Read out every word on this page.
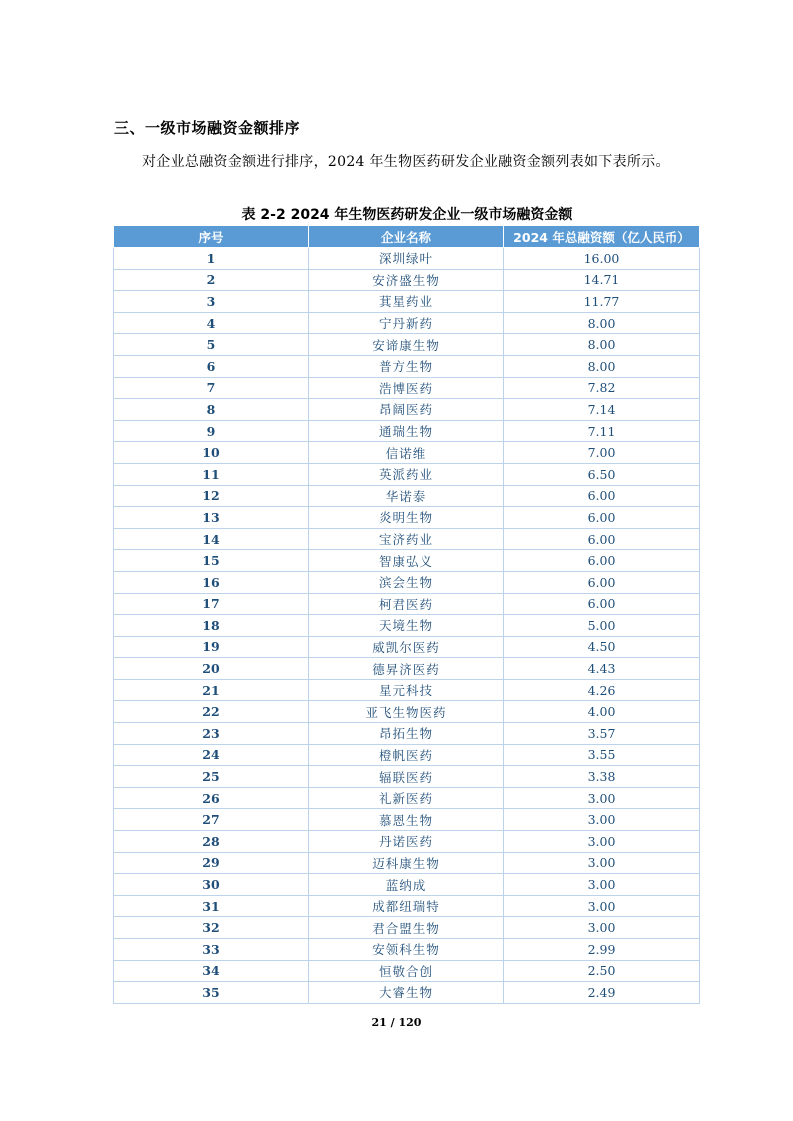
三、一级市场融资金额排序
对企业总融资金额进行排序，2024 年生物医药研发企业融资金额列表如下表所示。
表 2-2 2024 年生物医药研发企业一级市场融资金额
序号	企业名称	2024 年总融资额（亿人民币）
1	深圳绿叶	16.00
2	安济盛生物	14.71
3	萁星药业	11.77
4	宁丹新药	8.00
5	安谛康生物	8.00
6	普方生物	8.00
7	浩博医药	7.82
8	昂阔医药	7.14
9	通瑞生物	7.11
10	信诺维	7.00
11	英派药业	6.50
12	华诺泰	6.00
13	炎明生物	6.00
14	宝济药业	6.00
15	智康弘义	6.00
16	滨会生物	6.00
17	柯君医药	6.00
18	天境生物	5.00
19	威凯尔医药	4.50
20	德昇济医药	4.43
21	星元科技	4.26
22	亚飞生物医药	4.00
23	昂拓生物	3.57
24	橙帆医药	3.55
25	辐联医药	3.38
26	礼新医药	3.00
27	慕恩生物	3.00
28	丹诺医药	3.00
29	迈科康生物	3.00
30	蓝纳成	3.00
31	成都纽瑞特	3.00
32	君合盟生物	3.00
33	安领科生物	2.99
34	恒敬合创	2.50
35	大睿生物	2.49
21 / 120
